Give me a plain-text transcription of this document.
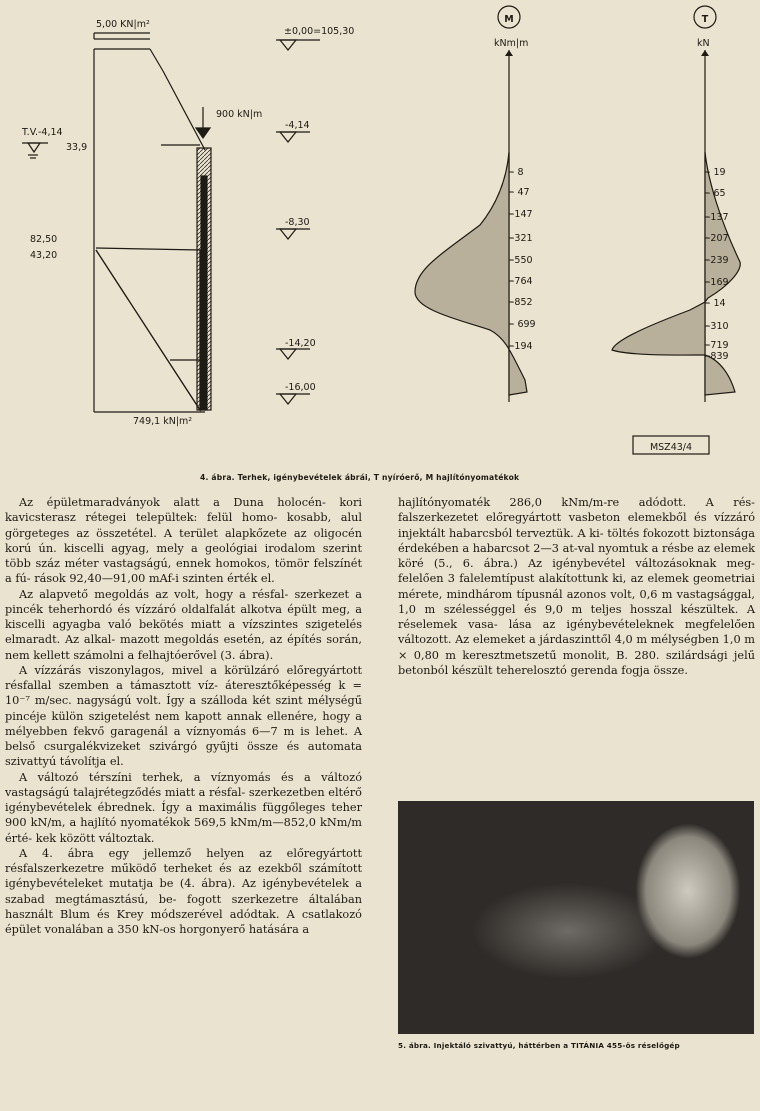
5,00 KN|m²
±0,00=105,30
T.V.-4,14
33,9
900 kN|m
-4,14
-8,30
82,50
43,20
-14,20
-16,00
749,1 kN|m²
M
kNm|m
- 8
- 47
-147
-321
-550
-764
-852
- 699
-194
T
kN
- 19
- 65
-137
-207
-239
-169
- 14
-310
-719
-839
MSZ43/4
4. ábra. Terhek, igénybevételek ábrái, T nyíróerő, M hajlítónyomatékok

Az épületmaradványok alatt a Duna holocén- kori kavicsterasz rétegei települtek: felül homo- kosabb, alul görgeteges az összetétel. A terület alapkőzete az oligocén korú ún. kiscelli agyag, mely a geológiai irodalom szerint több száz méter vastagságú, ennek homokos, tömör felszínét a fú- rások 92,40—91,00 mAf-i szinten érték el.

Az alapvető megoldás az volt, hogy a résfal- szerkezet a pincék teherhordó és vízzáró oldalfalát alkotva épült meg, a kiscelli agyagba való bekötés miatt a vízszintes szigetelés elmaradt. Az alkal- mazott megoldás esetén, az építés során, nem kellett számolni a felhajtóerővel (3. ábra).

A vízzárás viszonylagos, mivel a körülzáró előregyártott résfallal szemben a támasztott víz- áteresztőképesség k = 10⁻⁷ m/sec. nagyságú volt. Így a szálloda két szint mélységű pincéje külön szigetelést nem kapott annak ellenére, hogy a mélyebben fekvő garagenál a víznyomás 6—7 m is lehet. A belső csurgalékvizeket szivárgó gyűjti össze és automata szivattyú távolítja el.

A változó térszíni terhek, a víznyomás és a változó vastagságú talajrétegződés miatt a résfal- szerkezetben eltérő igénybevételek ébrednek. Így a maximális függőleges teher 900 kN/m, a hajlító nyomatékok 569,5 kNm/m—852,0 kNm/m érté- kek között változtak.

A 4. ábra egy jellemző helyen az előregyártott résfalszerkezetre működő terheket és az ezekből számított igénybevételeket mutatja be (4. ábra). Az igénybevételek a szabad megtámasztású, be- fogott szerkezetre általában használt Blum és Krey módszerével adódtak. A csatlakozó épület vonalában a 350 kN-os horgonyerő hatására a

hajlítónyomaték 286,0 kNm/m-re adódott. A rés- falszerkezetet előregyártott vasbeton elemekből és vízzáró injektált habarcsból terveztük. A ki- töltés fokozott biztonsága érdekében a habarcsot 2—3 at-val nyomtuk a résbe az elemek köré (5., 6. ábra.) Az igénybevétel változásoknak meg- felelően 3 falelemtípust alakítottunk ki, az elemek geometriai mérete, mindhárom típusnál azonos volt, 0,6 m vastagsággal, 1,0 m szélességgel és 9,0 m teljes hosszal készültek. A réselemek vasa- lása az igénybevételeknek megfelelően változott. Az elemeket a járdaszinttől 4,0 m mélységben 1,0 m × 0,80 m keresztmetszetű monolit, B. 280. szilárdsági jelű betonból készült teherelosztó gerenda fogja össze.

5. ábra. Injektáló szivattyú, háttérben a TITÁNIA 455-ös réselőgép
